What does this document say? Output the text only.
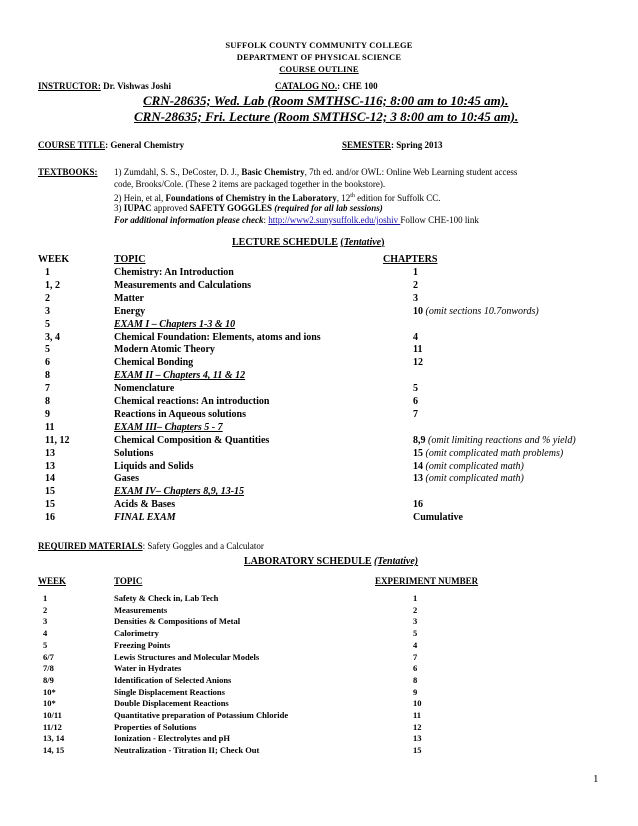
SUFFOLK COUNTY COMMUNITY COLLEGE
DEPARTMENT OF PHYSICAL SCIENCE
COURSE OUTLINE
INSTRUCTOR: Dr. Vishwas Joshi	CATALOG NO.: CHE 100
CRN-28635; Wed. Lab (Room SMTHSC-116; 8:00 am to 10:45 am).
CRN-28635; Fri. Lecture (Room SMTHSC-12; 3 8:00 am to 10:45 am).
COURSE TITLE: General Chemistry	SEMESTER: Spring 2013
TEXTBOOKS: 1) Zumdahl, S. S., DeCoster, D. J., Basic Chemistry, 7th ed. and/or OWL: Online Web Learning student access
code, Brooks/Cole. (These 2 items are packaged together in the bookstore).
2) Hein, et al, Foundations of Chemistry in the Laboratory, 12th edition for Suffolk CC.
3) IUPAC approved SAFETY GOGGLES (required for all lab sessions)
For additional information please check: http://www2.sunysuffolk.edu/joshiv Follow CHE-100 link
LECTURE SCHEDULE (Tentative)
WEEK	TOPIC	CHAPTERS
1	Chemistry: An Introduction	1
1, 2	Measurements and Calculations	2
2	Matter	3
3	Energy	10 (omit sections 10.7onwords)
5	EXAM I – Chapters 1-3 & 10
3, 4	Chemical Foundation: Elements, atoms and ions	4
5	Modern Atomic Theory	11
6	Chemical Bonding	12
8	EXAM II – Chapters 4, 11 & 12
7	Nomenclature	5
8	Chemical reactions: An introduction	6
9	Reactions in Aqueous solutions	7
11	EXAM III– Chapters 5 - 7
11, 12	Chemical Composition & Quantities	8,9 (omit limiting reactions and % yield)
13	Solutions	15 (omit complicated math problems)
13	Liquids and Solids	14 (omit complicated math)
14	Gases	13 (omit complicated math)
15	EXAM IV– Chapters 8,9, 13-15
15	Acids & Bases	16
16	FINAL EXAM	Cumulative
REQUIRED MATERIALS: Safety Goggles and a Calculator
LABORATORY SCHEDULE (Tentative)
WEEK	TOPIC	EXPERIMENT NUMBER
1	Safety & Check in, Lab Tech	1
2	Measurements	2
3	Densities & Compositions of Metal	3
4	Calorimetry	5
5	Freezing Points	4
6/7	Lewis Structures and Molecular Models	7
7/8	Water in Hydrates	6
8/9	Identification of Selected Anions	8
10*	Single Displacement Reactions	9
10*	Double Displacement Reactions	10
10/11	Quantitative preparation of Potassium Chloride	11
11/12	Properties of Solutions	12
13, 14	Ionization - Electrolytes and pH	13
14, 15	Neutralization - Titration II; Check Out	15
1
